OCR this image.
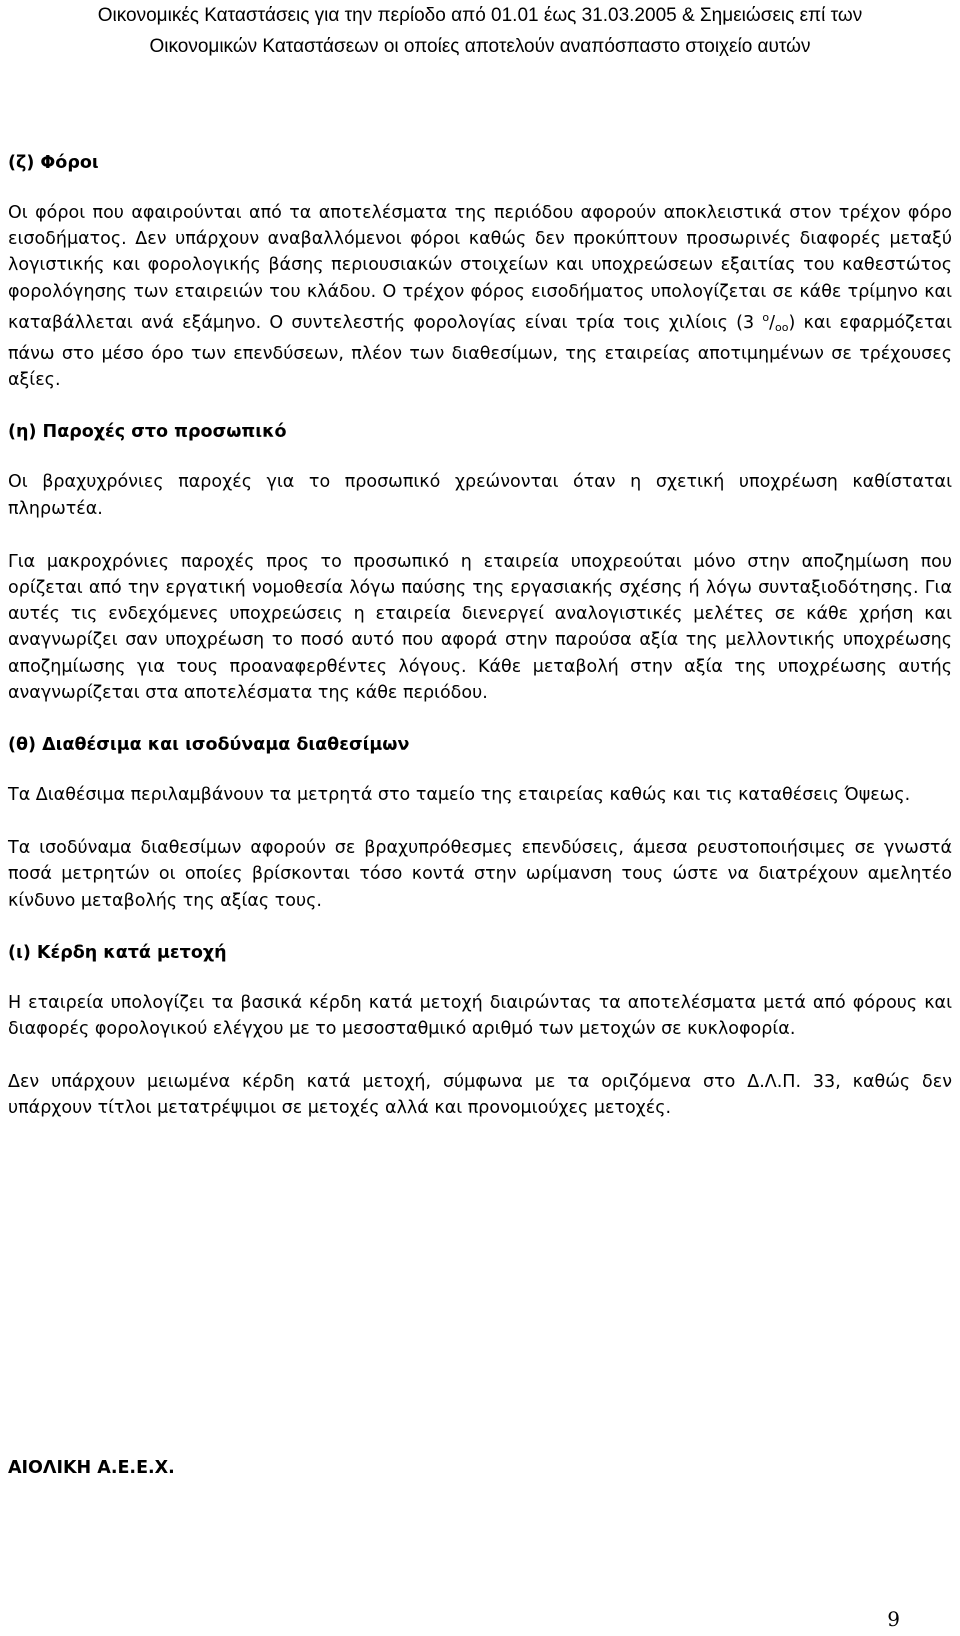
Οικονομικές Καταστάσεις για την περίοδο από 01.01 έως 31.03.2005 & Σημειώσεις επί των
Οικονομικών Καταστάσεων οι οποίες αποτελούν αναπόσπαστο στοιχείο αυτών

(ζ) Φόροι

Οι φόροι που αφαιρούνται από τα αποτελέσματα της περιόδου αφορούν αποκλειστικά στον τρέχον φόρο εισοδήματος. Δεν υπάρχουν αναβαλλόμενοι φόροι καθώς δεν προκύπτουν προσωρινές διαφορές μεταξύ λογιστικής και φορολογικής βάσης περιουσιακών στοιχείων και υποχρεώσεων εξαιτίας του καθεστώτος φορολόγησης των εταιρειών του κλάδου. Ο τρέχον φόρος εισοδήματος υπολογίζεται σε κάθε τρίμηνο και καταβάλλεται ανά εξάμηνο. Ο συντελεστής φορολογίας είναι τρία τοις χιλίοις (3 $^o/_{oo}$) και εφαρμόζεται πάνω στο μέσο όρο των επενδύσεων, πλέον των διαθεσίμων, της εταιρείας αποτιμημένων σε τρέχουσες αξίες.

(η) Παροχές στο προσωπικό

Οι βραχυχρόνιες παροχές για το προσωπικό χρεώνονται όταν η σχετική υποχρέωση καθίσταται πληρωτέα.

Για μακροχρόνιες παροχές προς το προσωπικό η εταιρεία υποχρεούται μόνο στην αποζημίωση που ορίζεται από την εργατική νομοθεσία λόγω παύσης της εργασιακής σχέσης ή λόγω συνταξιοδότησης. Για αυτές τις ενδεχόμενες υποχρεώσεις η εταιρεία διενεργεί αναλογιστικές μελέτες σε κάθε χρήση και αναγνωρίζει σαν υποχρέωση το ποσό αυτό που αφορά στην παρούσα αξία της μελλοντικής υποχρέωσης αποζημίωσης για τους προαναφερθέντες λόγους. Κάθε μεταβολή στην αξία της υποχρέωσης αυτής αναγνωρίζεται στα αποτελέσματα της κάθε περιόδου.

(θ) Διαθέσιμα και ισοδύναμα διαθεσίμων

Τα Διαθέσιμα περιλαμβάνουν τα μετρητά στο ταμείο της εταιρείας καθώς και τις καταθέσεις Όψεως.

Τα ισοδύναμα διαθεσίμων αφορούν σε βραχυπρόθεσμες επενδύσεις, άμεσα ρευστοποιήσιμες σε γνωστά ποσά μετρητών οι οποίες βρίσκονται τόσο κοντά στην ωρίμανση τους ώστε να διατρέχουν αμελητέο κίνδυνο μεταβολής της αξίας τους.

(ι) Κέρδη κατά μετοχή

Η εταιρεία υπολογίζει τα βασικά κέρδη κατά μετοχή διαιρώντας τα αποτελέσματα μετά από φόρους και διαφορές φορολογικού ελέγχου με το μεσοσταθμικό αριθμό των μετοχών σε κυκλοφορία.

Δεν υπάρχουν μειωμένα κέρδη κατά μετοχή, σύμφωνα με τα οριζόμενα στο Δ.Λ.Π. 33, καθώς δεν υπάρχουν τίτλοι μετατρέψιμοι σε μετοχές αλλά και προνομιούχες μετοχές.

ΑΙΟΛΙΚΗ Α.Ε.Ε.Χ.
9
